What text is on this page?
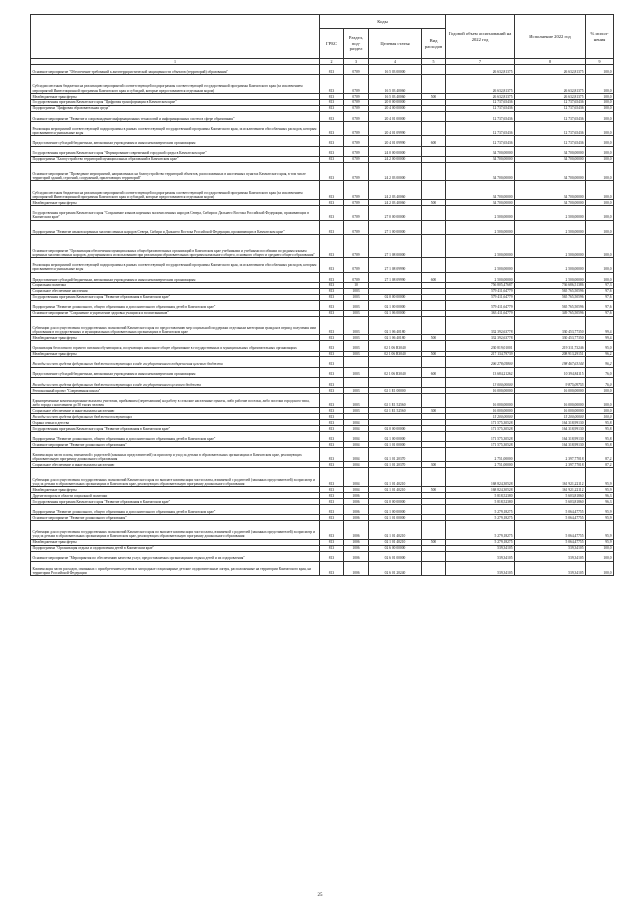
	Коды				Годовой объем ассигнований на 2022 год	Исполнение 2022 год	% испол-нения
	ГРБС	Раздел, под-раздел	Целевая статья	Вид расходов			
1	2	3	4	5	7	8	9
Основное мероприятие "Обеспечение требований к антитеррористической защищенности объектов (территорий) образования"	813	0709	16 5 03 00000		26 632,81375	26 632,81375	100,0
Субсидии местным бюджетам на реализацию мероприятий соответствующей подпрограммы соответствующей государственной программы Камчатского края (за исключением мероприятий Инвестиционной программы Камчатского края и субсидий, которые предоставляются отдельным кодом)	813	0709	16 5 03 40060		26 632,81375	26 632,81375	100,0
Межбюджетные трансферты	813	0709	16 5 03 40060	500	26 632,81375	26 632,81375	100,0
Государственная программа Камчатского края "Цифровая трансформация в Камчатском крае"	813	0709	20 0 00 00000		12 737,65436	12 737,65436	100,0
Подпрограмма "Цифровая образовательная среда"	813	0709	20 4 00 00000		12 737,65436	12 737,65436	100,0
Основное мероприятие "Развитие и сопровождение информационных технологий и информационных систем в сфере образования"	813	0709	20 4 01 00000		12 737,65436	12 737,65436	100,0
Реализация мероприятий соответствующей подпрограммы в рамках соответствующей государственной программы Камчатского края, за исключением обособленных расходов, которым присваиваются уникальные коды	813	0709	20 4 01 09990		12 737,65436	12 737,65436	100,0
Предоставление субсидий бюджетным, автономным учреждениям и иным некоммерческим организациям	813	0709	20 4 01 09990	600	12 737,65436	12 737,65436	100,0
Государственная программа Камчатского края "Формирование современной городской среды в Камчатском крае"	813	0709	24 0 00 00000		34 700,00000	34 700,00000	100,0
Подпрограмма "Благоустройство территорий муниципальных образований в Камчатском крае"	813	0709	24 2 00 00000		34 700,00000	34 700,00000	100,0
Основное мероприятие "Проведение мероприятий, направленных на благоустройство территорий объектов, расположенных в населенных пунктах Камчатского края, в том числе территорий зданий, строений, сооружений, прилегающих территорий"	813	0709	24 2 03 00000		34 700,00000	34 700,00000	100,0
Субсидии местным бюджетам на реализацию мероприятий соответствующей подпрограммы соответствующей государственной программы Камчатского края (за исключением мероприятий Инвестиционной программы Камчатского края и субсидий, которые предоставляются отдельным кодом)	813	0709	24 2 03 40060		34 700,00000	34 700,00000	100,0
Межбюджетные трансферты	813	0709	24 2 03 40060	500	34 700,00000	34 700,00000	100,0
Государственная программа Камчатского края "Сохранение языков коренных малочисленных народов Севера, Сибири и Дальнего Востока Российской Федерации, проживающих в Камчатском крае"	813	0709	27 0 00 00000		2 500,00000	2 500,00000	100,0
Подпрограмма "Развитие языков коренных малочисленных народов Севера, Сибири и Дальнего Востока Российской Федерации, проживающих в Камчатском крае"	813	0709	27 1 00 00000		2 500,00000	2 500,00000	100,0
Основное мероприятие "Организация обеспечения муниципальных общеобразовательных организаций в Камчатском крае учебниками и учебными пособиями по родным языкам коренных малочисленных народов, допущенными к использованию при реализации образовательных программ начального общего, основного общего и среднего общего образования"	813	0709	27 1 08 00000		2 500,00000	2 500,00000	100,0
Реализация мероприятий соответствующей подпрограммы в рамках соответствующей государственной программы Камчатского края, за исключением обособленных расходов, которым присваиваются уникальные коды	813	0709	27 1 08 09990		2 500,00000	2 500,00000	100,0
Предоставление субсидий бюджетным, автономным учреждениям и иным некоммерческим организациям	813	0709	27 1 08 09990	600	2 500,00000	2 500,00000	100,0
Социальная политика	813	10			756 805,47687	736 686,51386	97,3
Социальное обеспечение населения	813	1003			579 411,64779	565 765,50596	97,6
Государственная программа Камчатского края "Развитие образования в Камчатском крае"	813	1003	02 0 00 00000		579 411,64779	565 765,50596	97,6
Подпрограмма "Развитие дошкольного, общего образования и дополнительного образования детей в Камчатском крае"	813	1003	02 1 00 00000		579 411,64779	565 765,50596	97,6
Основное мероприятие "Сохранение и укрепление здоровья учащихся и воспитанников"	813	1003	02 1 06 00000		363 411,64779	349 765,50596	97,6
Субвенции для осуществления государственных полномочий Камчатского края по предоставлению мер социальной поддержки отдельным категориям граждан в период получения ими образования в государственных и муниципальных образовательных организациях в Камчатском крае	813	1003	02 1 06 40180		332 392,63778	330 453,77350	99,4
Межбюджетные трансферты	813	1003	02 1 06 40180	500	332 392,63778	330 453,77350	99,4
Организация бесплатного горячего питания обучающихся, получающих начальное общее образование в государственных и муниципальных образовательных организациях	813	1003	02 1 06 R3040		230 819,01001	219 311,73246	95,0
Межбюджетные трансферты	813	1003	02 1 06 R3040	500	217 134,79739	208 913,29151	96,2
Расходы за счет средств федерального бюджета поступающих в виде государственного подкрепления целевого бюджета	813				206 278,05800	198 467,63144	96,2
Предоставление субсидий бюджетным, автономным учреждениям и иным некоммерческим организациям	813	1003	02 1 06 R3040	600	13 684,21262	10 394,84115	76,0
Расходы за счет средств федерального бюджета поступающих в виде государственного целевого бюджета	813				13 000,00000	9 875,09755	76,0
Региональный проект "Современная школа"	813	1003	02 1 E1 00000		16 000,00000	16 000,00000	100,0
Единовременные компенсационные выплаты учителям, прибывшим (переехавшим) на работу в сельские населенные пункты, либо рабочие поселки, либо поселки городского типа, либо города с населением до 50 тысяч человек	813	1003	02 1 E1 52560		16 000,00000	16 000,00000	100,0
Социальное обеспечение и иные выплаты населению	813	1003	02 1 E1 52560	300	16 000,00000	16 000,00000	100,0
Расходы за счет средств федерального бюджета поступающих	813				15 200,00000	15 200,00000	100,0
Охрана семьи и детства	813	1004			171 575,30528	164 318,99130	95,8
Государственная программа Камчатского края "Развитие образования в Камчатском крае"	813	1004	02 0 00 00000		171 575,30528	164 318,99130	95,8
Подпрограмма "Развитие дошкольного, общего образования и дополнительного образования детей в Камчатском крае"	813	1004	02 1 00 00000		171 575,30528	164 318,99130	95,8
Основное мероприятие "Развитие дошкольного образования"	813	1004	02 1 01 00000		171 575,30528	164 318,99130	95,8
Компенсация части платы, взимаемой с родителей (законных представителей) за присмотр и уход за детьми в образовательных организациях в Камчатском крае, реализующих образовательную программу дошкольного образования	813	1004	02 1 01 20370		2 751,00000	2 397,77018	87,2
Социальное обеспечение и иные выплаты населению	813	1004	02 1 01 20370	300	2 751,00000	2 397,77018	87,2
Субвенции для осуществления государственных полномочий Камчатского края по выплате компенсации части платы, взимаемой с родителей (законных представителей) за присмотр и уход за детьми в образовательных организациях в Камчатском крае, реализующих образовательную программу дошкольного образования	813	1004	02 1 01 40210		168 824,30528	161 921,22112	95,9
Межбюджетные трансферты	813	1004	02 1 01 40210	500	168 824,30528	161 921,22112	95,9
Другие вопросы в области социальной политики	813	1006			5 818,52380	5 603,81860	96,3
Государственная программа Камчатского края "Развитие образования в Камчатском крае"	813	1006	02 0 00 00000		5 818,52380	5 603,81860	96,3
Подпрограмма "Развитие дошкольного, общего образования и дополнительного образования детей в Камчатском крае"	813	1006	02 1 00 00000		5 279,18275	5 064,47755	95,9
Основное мероприятие "Развитие дошкольного образования"	813	1006	02 1 01 00000		5 279,18275	5 064,47755	95,9
Субвенции для осуществления государственных полномочий Камчатского края по выплате компенсации части платы, взимаемой с родителей (законных представителей) за присмотр и уход за детьми в образовательных организациях в Камчатском крае, реализующих образовательную программу дошкольного образования	813	1006	02 1 01 40210		5 279,18275	5 064,47755	95,9
Межбюджетные трансферты	813	1006	02 1 01 40210	500	5 279,18275	5 064,47755	95,9
Подпрограмма "Организация отдыха и оздоровления детей в Камчатском крае"	813	1006	02 6 00 00000		539,34105	539,34105	100,0
Основное мероприятие "Мероприятия по обеспечению качества услуг, предоставляемых организациями отдыха детей и их оздоровления"	813	1006	02 6 01 00000		539,34105	539,34105	100,0
Компенсация части расходов, связанных с приобретением путевок в загородные стационарные детские оздоровительные лагеря, расположенные на территории Камчатского края, на территории Российской Федерации	813	1006	02 6 01 20240		539,34105	539,34105	100,0
25
